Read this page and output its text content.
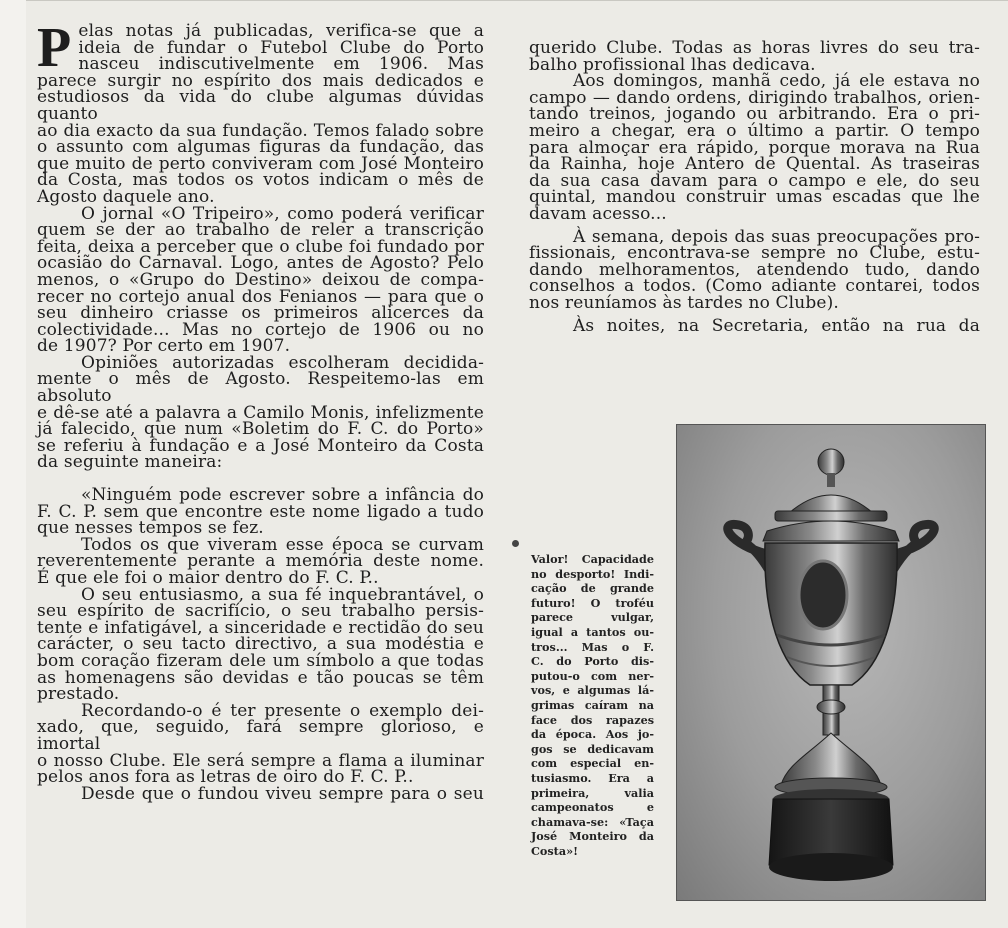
P elas notas já publicadas, verifica-se que a

ideia de fundar o Futebol Clube do Porto

nasceu indiscutivelmente em 1906. Mas

parece surgir no espírito dos mais dedicados e

estudiosos da vida do clube algumas dúvidas quanto

ao dia exacto da sua fundação. Temos falado sobre

o assunto com algumas figuras da fundação, das

que muito de perto conviveram com José Monteiro

da Costa, mas todos os votos indicam o mês de

Agosto daquele ano.

O jornal «O Tripeiro», como poderá verificar

quem se der ao trabalho de reler a transcrição

feita, deixa a perceber que o clube foi fundado por

ocasião do Carnaval. Logo, antes de Agosto? Pelo

menos, o «Grupo do Destino» deixou de compa-

recer no cortejo anual dos Fenianos — para que o

seu dinheiro criasse os primeiros alicerces da

colectividade... Mas no cortejo de 1906 ou no

de 1907? Por certo em 1907.

Opiniões autorizadas escolheram decidida-

mente o mês de Agosto. Respeitemo-las em absoluto

e dê-se até a palavra a Camilo Monis, infelizmente

já falecido, que num «Boletim do F. C. do Porto»

se referiu à fundação e a José Monteiro da Costa

da seguinte maneira:

«Ninguém pode escrever sobre a infância do

F. C. P. sem que encontre este nome ligado a tudo

que nesses tempos se fez.

Todos os que viveram esse época se curvam

reverentemente perante a memória deste nome.

É que ele foi o maior dentro do F. C. P..

O seu entusiasmo, a sua fé inquebrantável, o

seu espírito de sacrifício, o seu trabalho persis-

tente e infatigável, a sinceridade e rectidão do seu

carácter, o seu tacto directivo, a sua modéstia e

bom coração fizeram dele um símbolo a que todas

as homenagens são devidas e tão poucas se têm

prestado.

Recordando-o é ter presente o exemplo dei-

xado, que, seguido, fará sempre glorioso, e imortal

o nosso Clube. Ele será sempre a flama a iluminar

pelos anos fora as letras de oiro do F. C. P..

Desde que o fundou viveu sempre para o seu

querido Clube. Todas as horas livres do seu tra-

balho profissional lhas dedicava.

Aos domingos, manhã cedo, já ele estava no

campo — dando ordens, dirigindo trabalhos, orien-

tando treinos, jogando ou arbitrando. Era o pri-

meiro a chegar, era o último a partir. O tempo

para almoçar era rápido, porque morava na Rua

da Rainha, hoje Antero de Quental. As traseiras

da sua casa davam para o campo e ele, do seu

quintal, mandou construir umas escadas que lhe

davam acesso...

À semana, depois das suas preocupações pro-

fissionais, encontrava-se sempre no Clube, estu-

dando melhoramentos, atendendo tudo, dando

conselhos a todos. (Como adiante contarei, todos

nos reuníamos às tardes no Clube).

Às noites, na Secretaria, então na rua da

Valor! Capacidade

no desporto! Indi-

cação de grande

futuro! O troféu

parece vulgar,

igual a tantos ou-

tros... Mas o F.

C. do Porto dis-

putou-o com ner-

vos, e algumas lá-

grimas caíram na

face dos rapazes

da época. Aos jo-

gos se dedicavam

com especial en-

tusiasmo. Era a

primeira, valia

campeonatos e

chamava-se: «Taça

José Monteiro da

Costa»!
